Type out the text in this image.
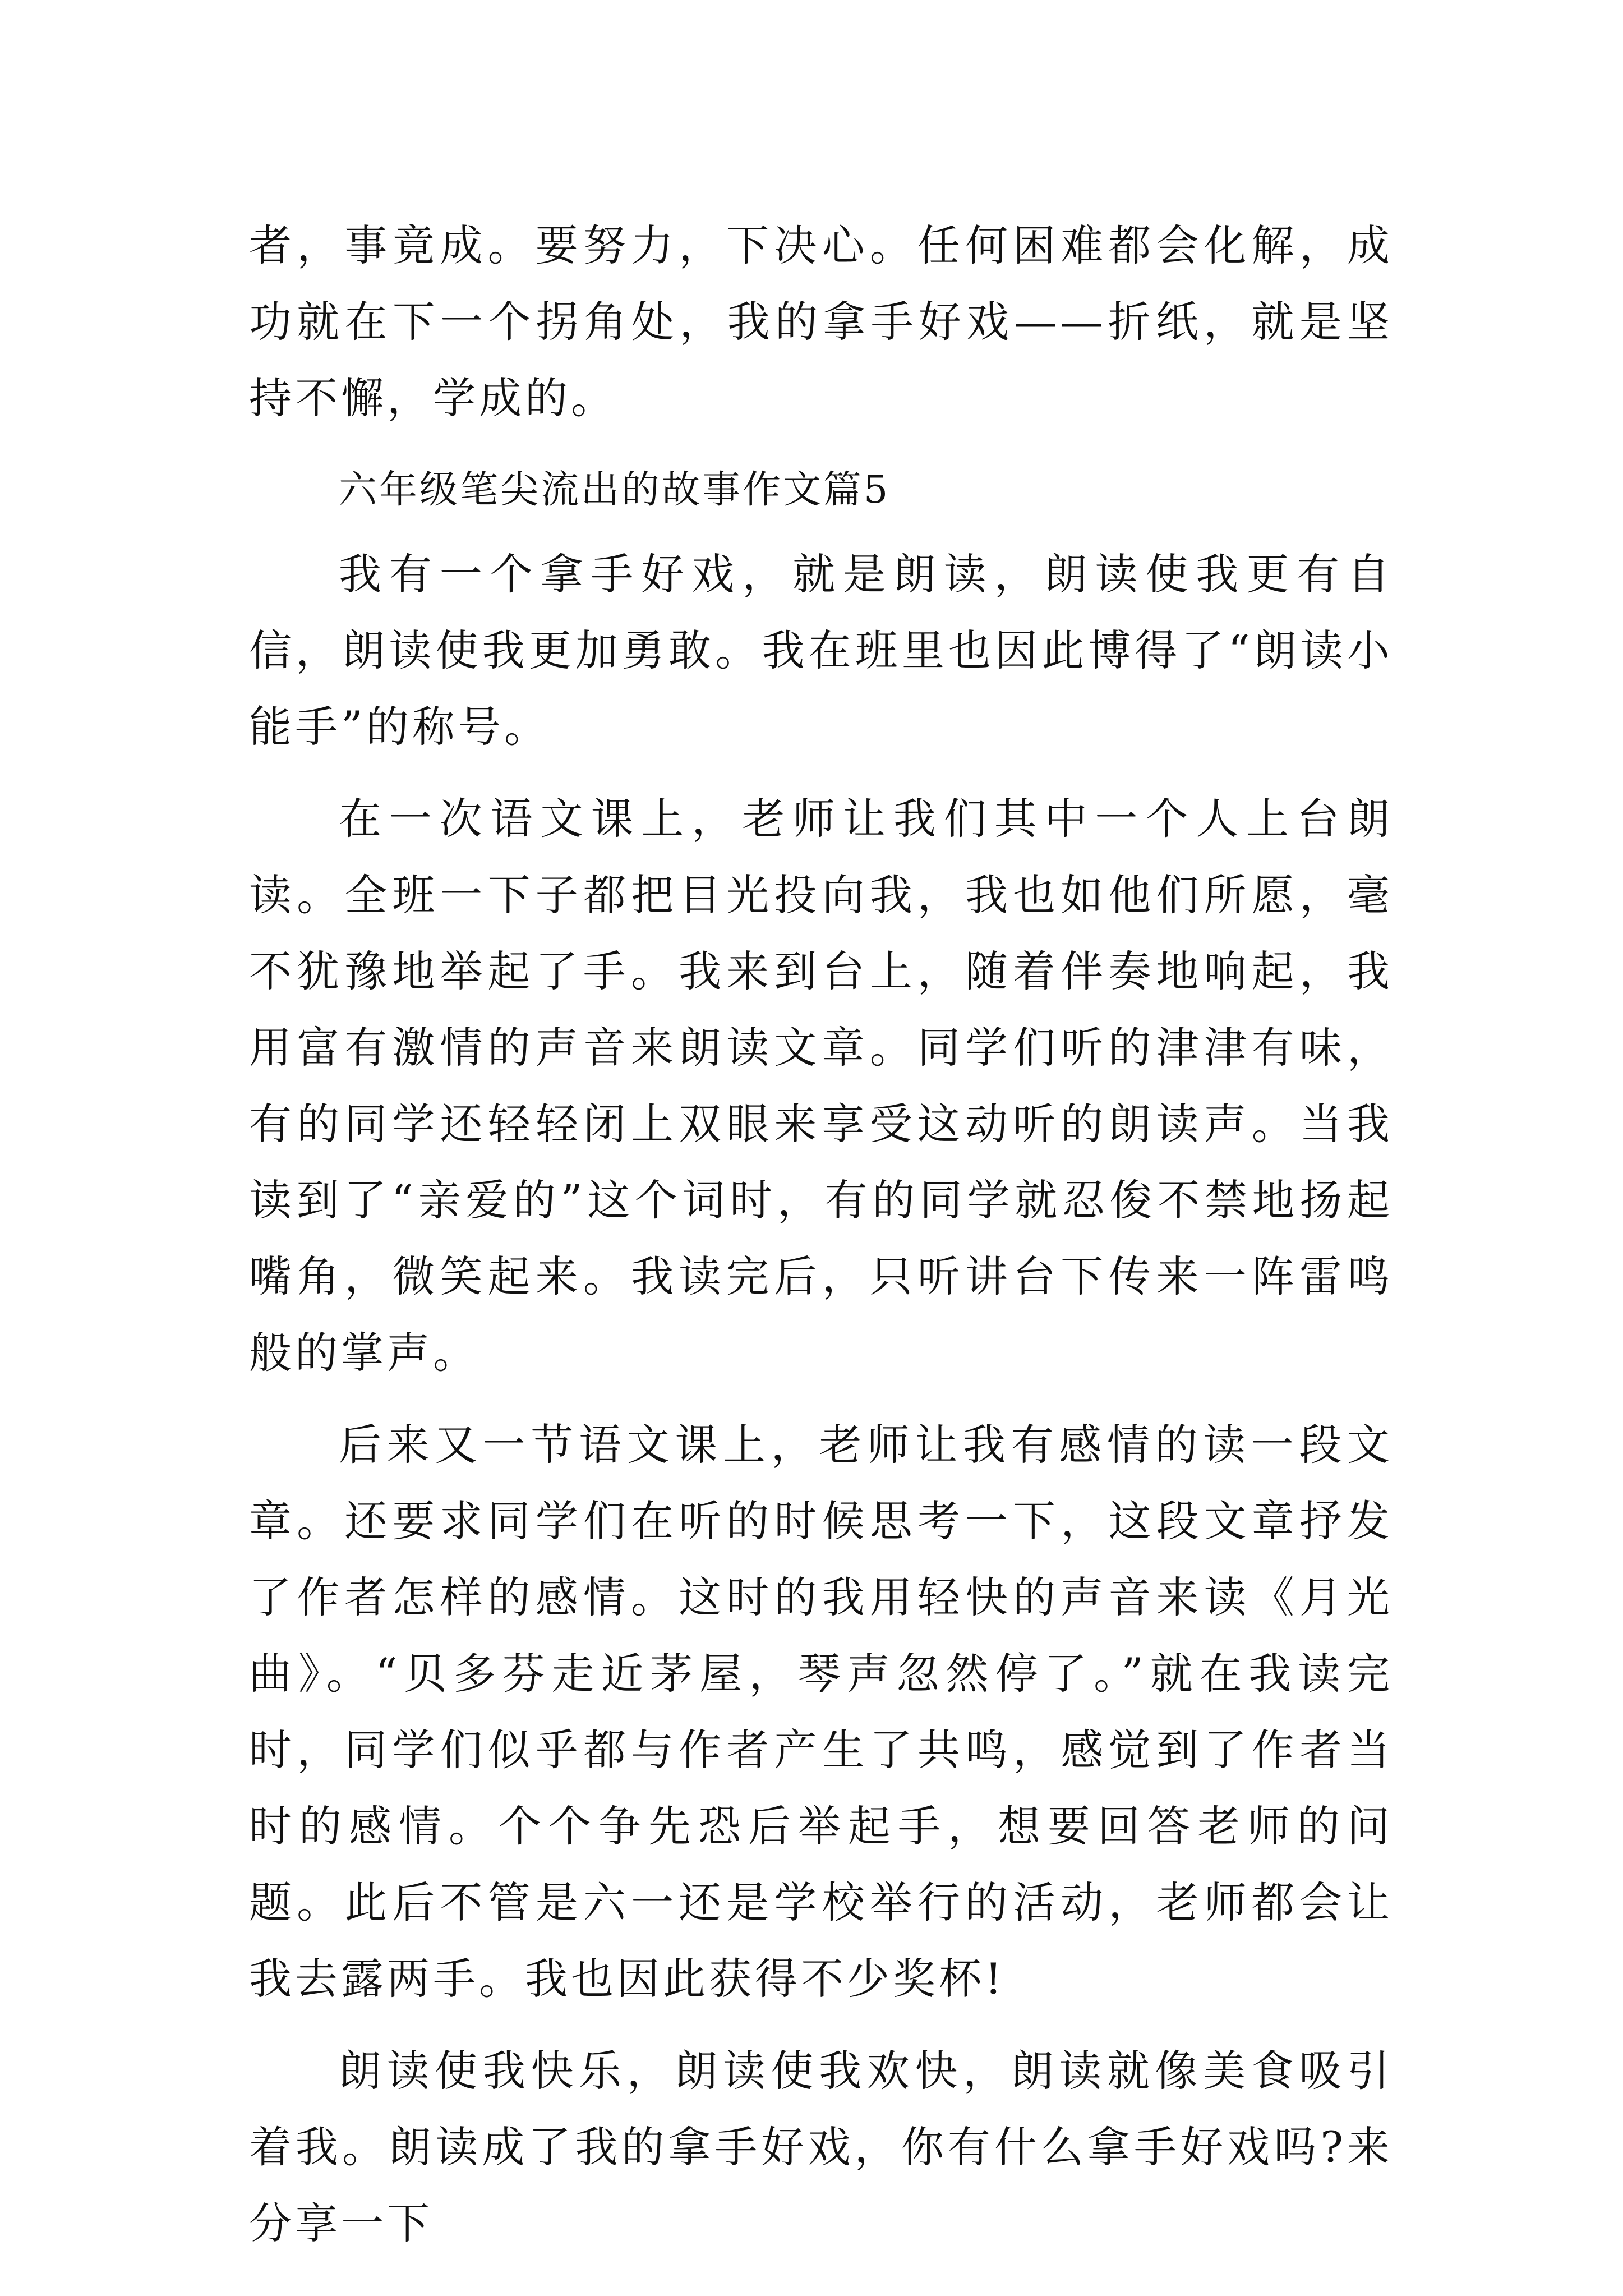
者，事竟成。要努力，下决心。任何困难都会化解，成功就在下一个拐角处，我的拿手好戏——折纸，就是坚持不懈，学成的。

六年级笔尖流出的故事作文篇5

我有一个拿手好戏，就是朗读，朗读使我更有自信，朗读使我更加勇敢。我在班里也因此博得了“朗读小能手”的称号。

在一次语文课上，老师让我们其中一个人上台朗读。全班一下子都把目光投向我，我也如他们所愿，毫不犹豫地举起了手。我来到台上，随着伴奏地响起，我用富有激情的声音来朗读文章。同学们听的津津有味，有的同学还轻轻闭上双眼来享受这动听的朗读声。当我读到了“亲爱的”这个词时，有的同学就忍俊不禁地扬起嘴角，微笑起来。我读完后，只听讲台下传来一阵雷鸣般的掌声。

后来又一节语文课上，老师让我有感情的读一段文章。还要求同学们在听的时候思考一下，这段文章抒发了作者怎样的感情。这时的我用轻快的声音来读《月光曲》。“贝多芬走近茅屋，琴声忽然停了。”就在我读完时，同学们似乎都与作者产生了共鸣，感觉到了作者当时的感情。个个争先恐后举起手，想要回答老师的问题。此后不管是六一还是学校举行的活动，老师都会让我去露两手。我也因此获得不少奖杯!

朗读使我快乐，朗读使我欢快，朗读就像美食吸引着我。朗读成了我的拿手好戏，你有什么拿手好戏吗?来分享一下
